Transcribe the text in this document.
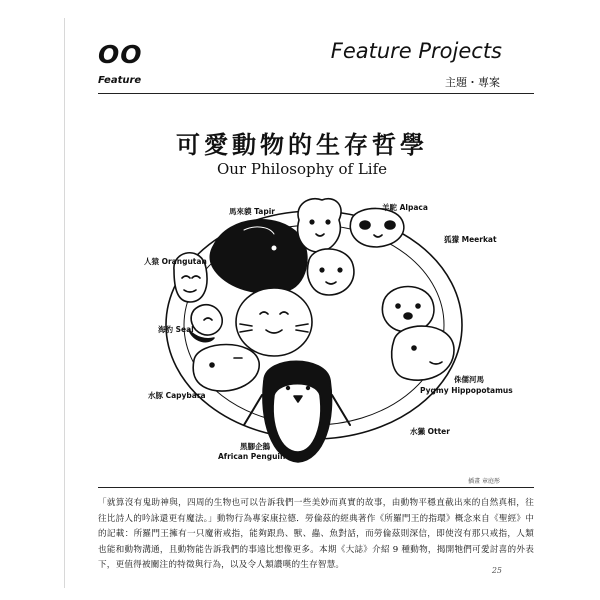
OO	Feature Projects
Feature	主題・專案
可愛動物的生存哲學
Our Philosophy of Life
馬來貘 Tapir	羊駝 Alpaca
狐獴 Meerkat
人猿 Orangutan
海豹 Seal
水豚 Capybara
侏儒河馬
Pygmy Hippopotamus
水獺 Otter
黑腳企鵝
African Penguin
插畫 章庭彤
「就算沒有鬼助神與，四周的生物也可以告訴我們一些美妙而真實的故事，由動物平穩直截出來的自然真相，往往比詩人的吟詠還更有魔法。」動物行為專家康拉德．勞倫茲的經典著作《所羅門王的指環》概念來自《聖經》中的記載：所羅門王擁有一只魔術戒指，能夠跟鳥、獸、蟲、魚對話，而勞倫茲則深信，即使沒有那只戒指，人類也能和動物溝通，且動物能告訴我們的事遠比想像更多。本期《大誌》介紹 9 種動物，揭開牠們可愛討喜的外表下，更值得被關注的特徵與行為，以及令人類讚嘆的生存智慧。
25
